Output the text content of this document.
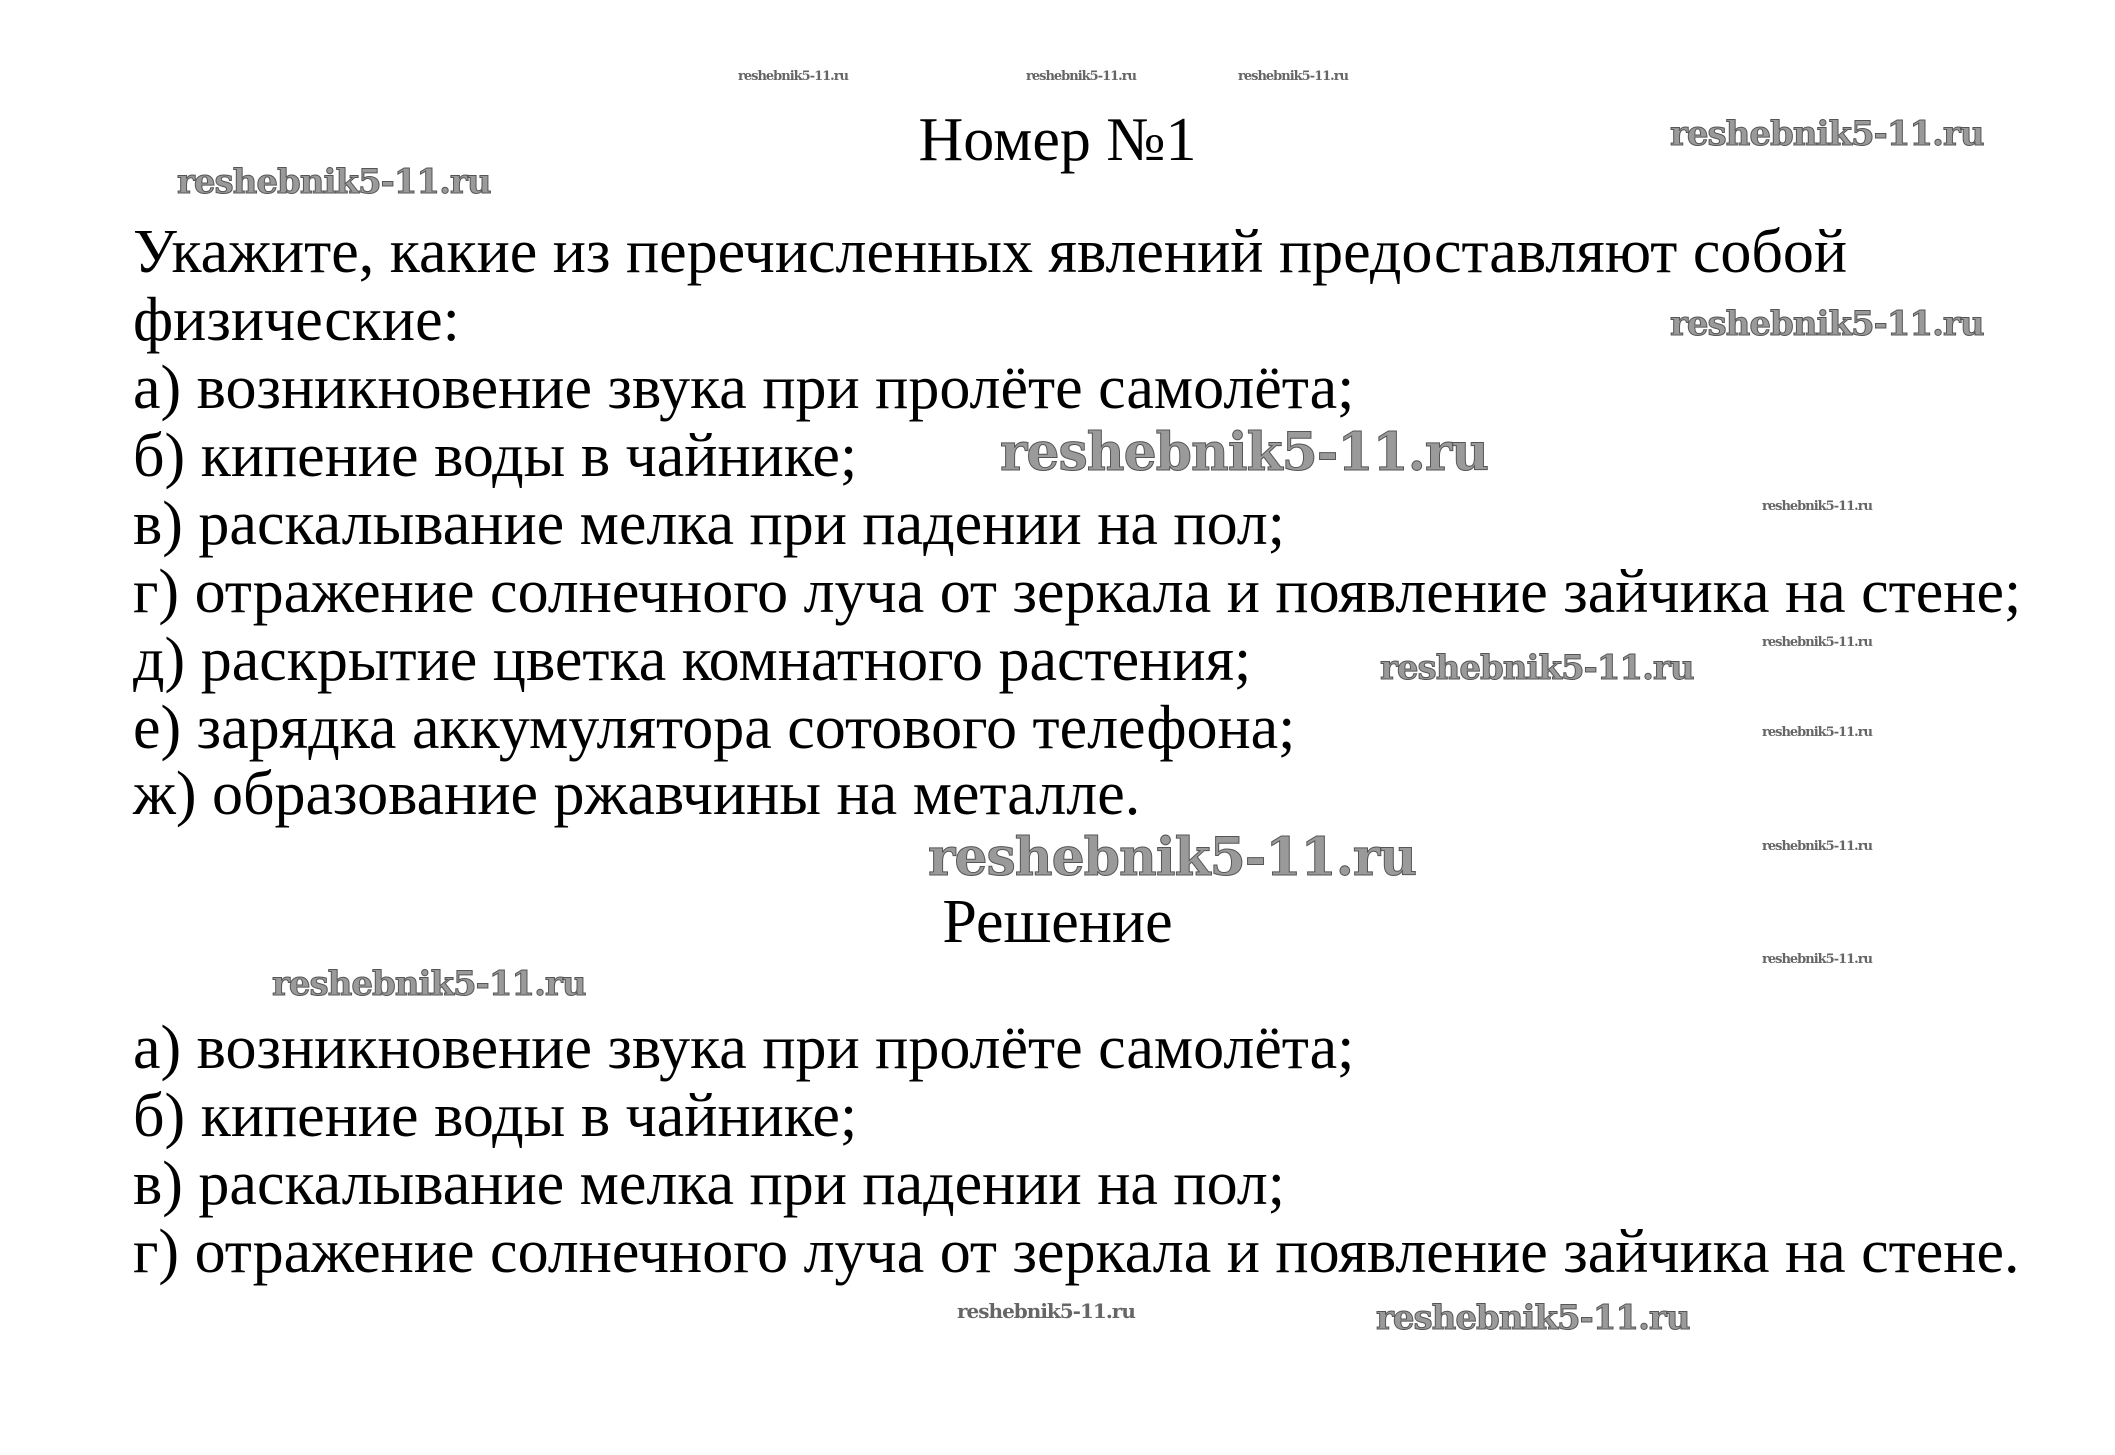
Номер №1
Укажите, какие из перечисленных явлений предоставляют собой
физические:
а) возникновение звука при пролёте самолёта;
б) кипение воды в чайнике;
в) раскалывание мелка при падении на пол;
г) отражение солнечного луча от зеркала и появление зайчика на стене;
д) раскрытие цветка комнатного растения;
е) зарядка аккумулятора сотового телефона;
ж) образование ржавчины на металле.
Решение
а) возникновение звука при пролёте самолёта;
б) кипение воды в чайнике;
в) раскалывание мелка при падении на пол;
г) отражение солнечного луча от зеркала и появление зайчика на стене.
reshebnik5-11.ru	reshebnik5-11.ru	reshebnik5-11.ru
reshebnik5-11.ru
reshebnik5-11.ru
reshebnik5-11.ru
reshebnik5-11.ru
reshebnik5-11.ru
reshebnik5-11.ru
reshebnik5-11.ru
reshebnik5-11.ru
reshebnik5-11.ru	reshebnik5-11.ru
reshebnik5-11.ru
reshebnik5-11.ru
reshebnik5-11.ru
reshebnik5-11.ru
